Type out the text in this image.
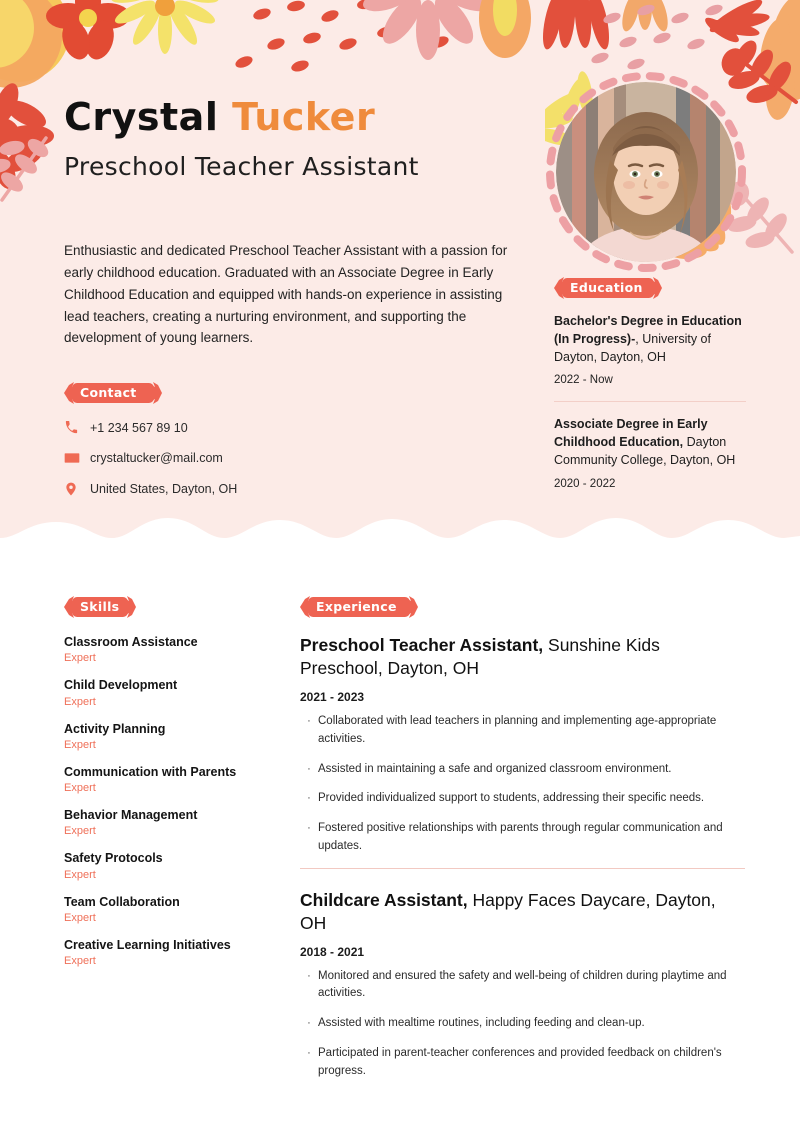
Crystal Tucker
Preschool Teacher Assistant
Enthusiastic and dedicated Preschool Teacher Assistant with a passion for early childhood education. Graduated with an Associate Degree in Early Childhood Education and equipped with hands-on experience in assisting lead teachers, creating a nurturing environment, and supporting the development of young learners.
Contact
+1 234 567 89 10
crystaltucker@mail.com
United States, Dayton, OH
Education
Bachelor's Degree in Education (In Progress)-, University of Dayton, Dayton, OH
2022 - Now
Associate Degree in Early Childhood Education, Dayton Community College, Dayton, OH
2020 - 2022
Skills
Classroom Assistance
Expert
Child Development
Expert
Activity Planning
Expert
Communication with Parents
Expert
Behavior Management
Expert
Safety Protocols
Expert
Team Collaboration
Expert
Creative Learning Initiatives
Expert
Experience
Preschool Teacher Assistant, Sunshine Kids Preschool, Dayton, OH
2021 - 2023
· Collaborated with lead teachers in planning and implementing age-appropriate activities.
· Assisted in maintaining a safe and organized classroom environment.
· Provided individualized support to students, addressing their specific needs.
· Fostered positive relationships with parents through regular communication and updates.
Childcare Assistant, Happy Faces Daycare, Dayton, OH
2018 - 2021
· Monitored and ensured the safety and well-being of children during playtime and activities.
· Assisted with mealtime routines, including feeding and clean-up.
· Participated in parent-teacher conferences and provided feedback on children's progress.
